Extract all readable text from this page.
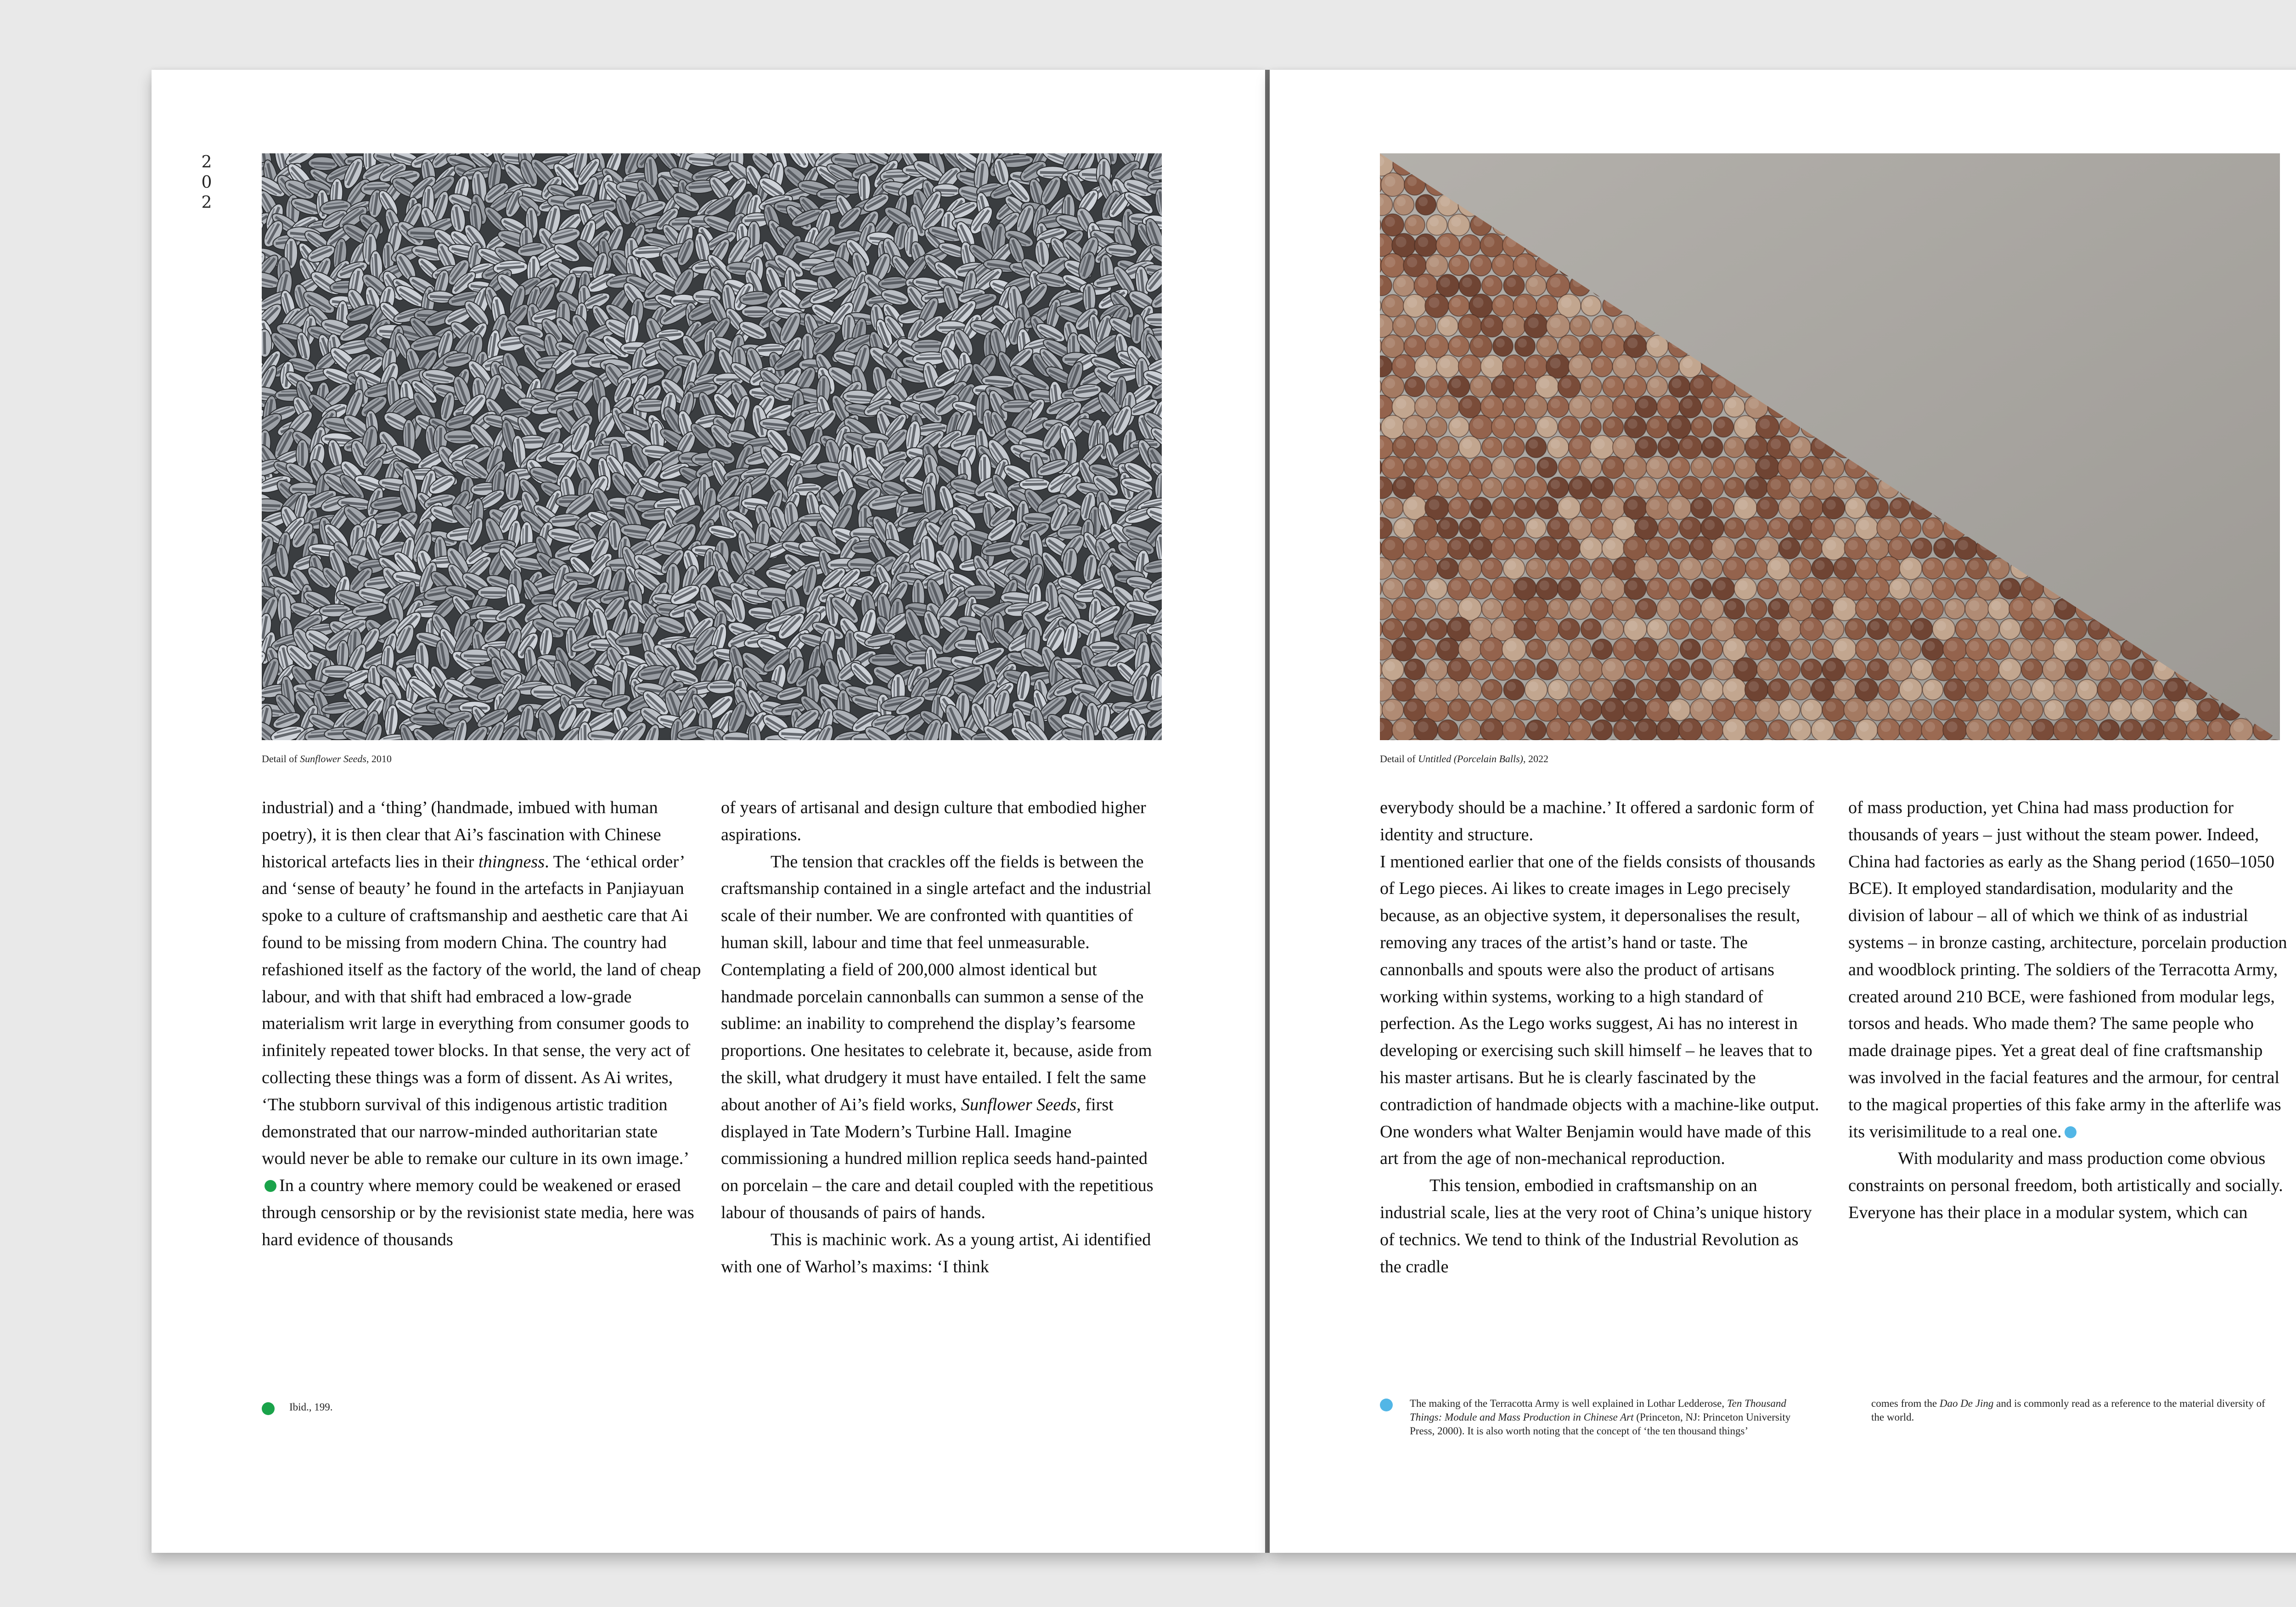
2
0
2
Detail of Sunflower Seeds, 2010

industrial) and a ‘thing’ (handmade, imbued with human poetry), it is then clear that Ai’s fascination with Chinese historical artefacts lies in their thingness. The ‘ethical order’ and ‘sense of beauty’ he found in the artefacts in Panjiayuan spoke to a culture of craftsmanship and aesthetic care that Ai found to be missing from modern China. The country had refashioned itself as the factory of the world, the land of cheap labour, and with that shift had embraced a low-grade materialism writ large in everything from consumer goods to infinitely repeated tower blocks. In that sense, the very act of collecting these things was a form of dissent. As Ai writes, ‘The stubborn survival of this indigenous artistic tradition demonstrated that our narrow-minded authoritarian state would never be able to remake our culture in its own image.’In a country where memory could be weakened or erased through censorship or by the revisionist state media, here was hard evidence of thousands

of years of artisanal and design culture that embodied higher aspirations.

The tension that crackles off the fields is between the craftsmanship contained in a single artefact and the industrial scale of their number. We are confronted with quantities of human skill, labour and time that feel unmeasurable. Contemplating a field of 200,000 almost identical but handmade porcelain cannonballs can summon a sense of the sublime: an inability to comprehend the display’s fearsome proportions. One hesitates to celebrate it, because, aside from the skill, what drudgery it must have entailed. I felt the same about another of Ai’s field works, Sunflower Seeds, first displayed in Tate Modern’s Turbine Hall. Imagine commissioning a hundred million replica seeds hand-painted on porcelain – the care and detail coupled with the repetitious labour of thousands of pairs of hands.

This is machinic work. As a young artist, Ai identified with one of Warhol’s maxims: ‘I think

Ibid., 199.
Detail of Untitled (Porcelain Balls), 2022

everybody should be a machine.’ It offered a sardonic form of identity and structure.

I mentioned earlier that one of the fields consists of thousands of Lego pieces. Ai likes to create images in Lego precisely because, as an objective system, it depersonalises the result, removing any traces of the artist’s hand or taste. The cannonballs and spouts were also the product of artisans working within systems, working to a high standard of perfection. As the Lego works suggest, Ai has no interest in developing or exercising such skill himself – he leaves that to his master artisans. But he is clearly fascinated by the contradiction of handmade objects with a machine-like output. One wonders what Walter Benjamin would have made of this art from the age of non-mechanical reproduction.

This tension, embodied in craftsmanship on an industrial scale, lies at the very root of China’s unique history of technics. We tend to think of the Industrial Revolution as the cradle

of mass production, yet China had mass production for thousands of years – just without the steam power. Indeed, China had factories as early as the Shang period (1650–1050 BCE). It employed standardisation, modularity and the division of labour – all of which we think of as industrial systems – in bronze casting, architecture, porcelain production and woodblock printing. The soldiers of the Terracotta Army, created around 210 BCE, were fashioned from modular legs, torsos and heads. Who made them? The same people who made drainage pipes. Yet a great deal of fine craftsmanship was involved in the facial features and the armour, for central to the magical properties of this fake army in the afterlife was its verisimilitude to a real one.

With modularity and mass production come obvious constraints on personal freedom, both artistically and socially. Everyone has their place in a modular system, which can

The making of the Terracotta Army is well explained in Lothar Ledderose, Ten Thousand Things: Module and Mass Production in Chinese Art (Princeton, NJ: Princeton University Press, 2000). It is also worth noting that the concept of ‘the ten thousand things’
comes from the Dao De Jing and is commonly read as a reference to the material diversity of the world.
